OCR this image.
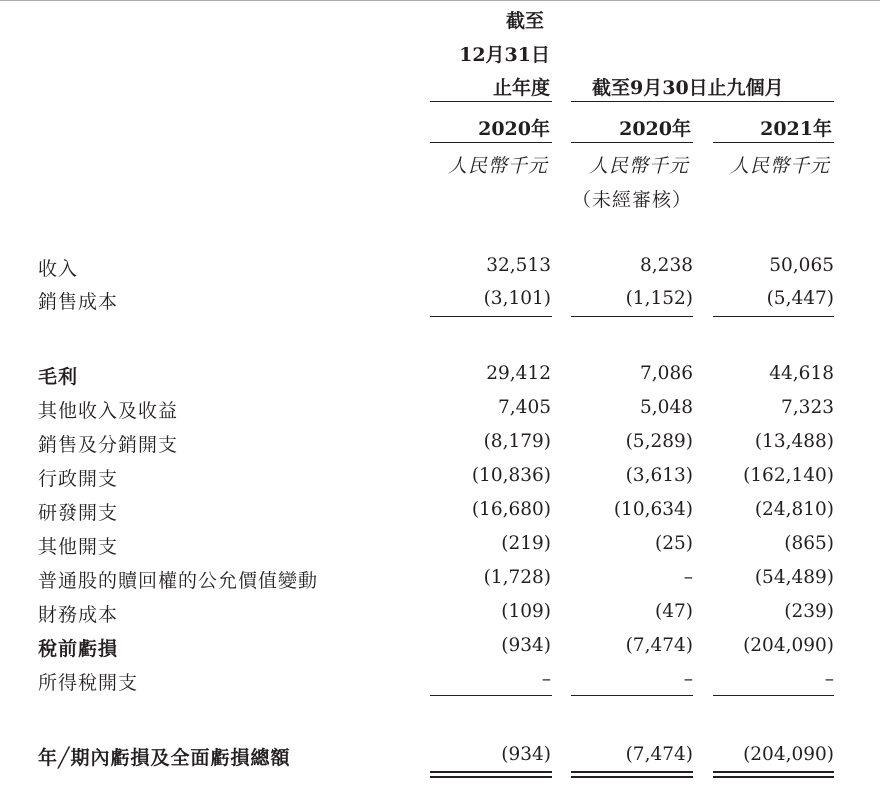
截至
12月31日
止年度 截至9月30日止九個月
2020年	2020年	2021年
人民幣千元 人民幣千元 人民幣千元
（未經審核）
收入	32,513	8,238	50,065
銷售成本	(3,101)	(1,152)	(5,447)
毛利	29,412	7,086	44,618
其他收入及收益	7,405	5,048	7,323
銷售及分銷開支	(8,179)	(5,289)	(13,488)
行政開支	(10,836)	(3,613)	(162,140)
研發開支	(16,680)	(10,634)	(24,810)
其他開支	(219)	(25)	(865)
普通股的贖回權的公允價值變動	(1,728)	–	(54,489)
財務成本	(109)	(47)	(239)
稅前虧損	(934)	(7,474)	(204,090)
所得稅開支	–	–	–
年╱期內虧損及全面虧損總額	(934)	(7,474)	(204,090)
